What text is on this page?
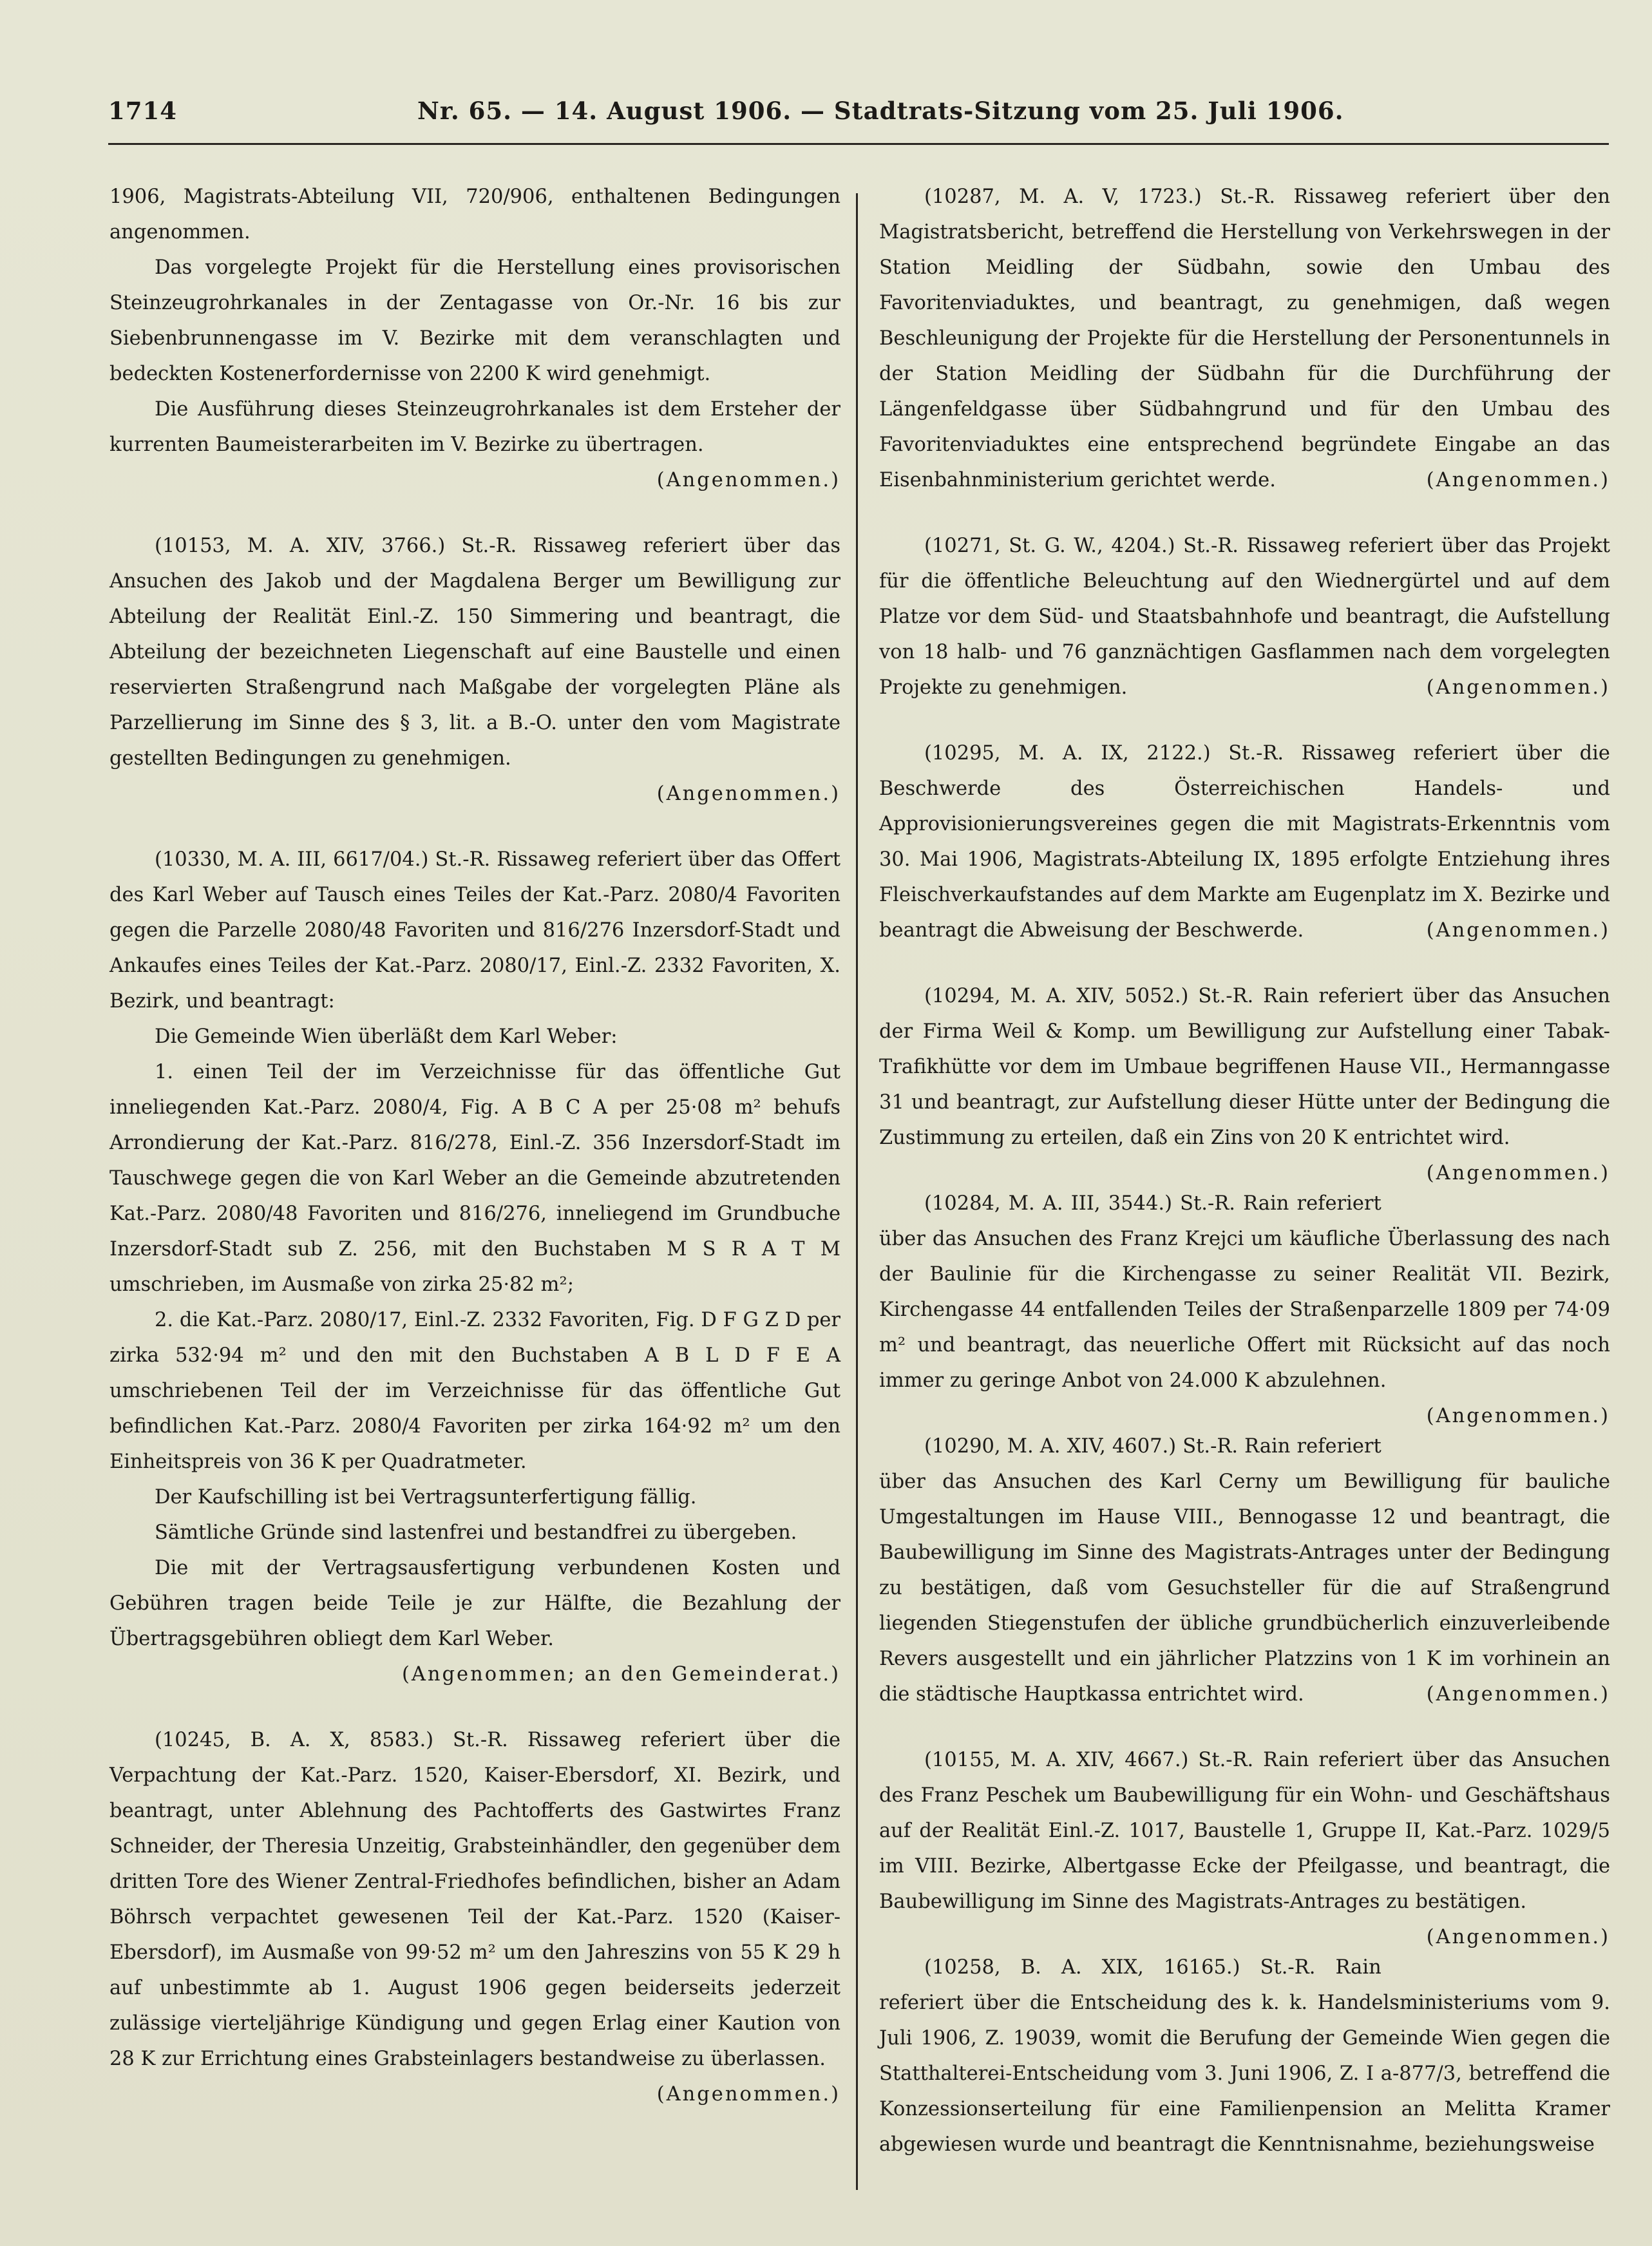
1714	Nr. 65. — 14. August 1906. — Stadtrats-Sitzung vom 25. Juli 1906.

1906, Magistrats-Abteilung VII, 720/906, enthaltenen Bedingungen angenommen.

Das vorgelegte Projekt für die Herstellung eines provisorischen Steinzeugrohrkanales in der Zentagasse von Or.-Nr. 16 bis zur Siebenbrunnengasse im V. Bezirke mit dem veranschlagten und bedeckten Kostenerfordernisse von 2200 K wird genehmigt.

Die Ausführung dieses Steinzeugrohrkanales ist dem Ersteher der kurrenten Baumeisterarbeiten im V. Bezirke zu übertragen.

(Angenommen.)

(10153, M. A. XIV, 3766.) St.-R. Rissaweg referiert über das Ansuchen des Jakob und der Magdalena Berger um Bewilligung zur Abteilung der Realität Einl.-Z. 150 Simmering und beantragt, die Abteilung der bezeichneten Liegenschaft auf eine Baustelle und einen reservierten Straßengrund nach Maßgabe der vorgelegten Pläne als Parzellierung im Sinne des § 3, lit. a B.-O. unter den vom Magistrate gestellten Bedingungen zu genehmigen.

(Angenommen.)

(10330, M. A. III, 6617/04.) St.-R. Rissaweg referiert über das Offert des Karl Weber auf Tausch eines Teiles der Kat.-Parz. 2080/4 Favoriten gegen die Parzelle 2080/48 Favoriten und 816/276 Inzersdorf-Stadt und Ankaufes eines Teiles der Kat.-Parz. 2080/17, Einl.-Z. 2332 Favoriten, X. Bezirk, und beantragt:

Die Gemeinde Wien überläßt dem Karl Weber:

1. einen Teil der im Verzeichnisse für das öffentliche Gut inneliegenden Kat.-Parz. 2080/4, Fig. A B C A per 25·08 m² behufs Arrondierung der Kat.-Parz. 816/278, Einl.-Z. 356 Inzersdorf-Stadt im Tauschwege gegen die von Karl Weber an die Gemeinde abzutretenden Kat.-Parz. 2080/48 Favoriten und 816/276, inneliegend im Grundbuche Inzersdorf-Stadt sub Z. 256, mit den Buchstaben M S R A T M umschrieben, im Ausmaße von zirka 25·82 m²;

2. die Kat.-Parz. 2080/17, Einl.-Z. 2332 Favoriten, Fig. D F G Z D per zirka 532·94 m² und den mit den Buchstaben A B L D F E A umschriebenen Teil der im Verzeichnisse für das öffentliche Gut befindlichen Kat.-Parz. 2080/4 Favoriten per zirka 164·92 m² um den Einheitspreis von 36 K per Quadratmeter.

Der Kaufschilling ist bei Vertragsunterfertigung fällig.

Sämtliche Gründe sind lastenfrei und bestandfrei zu übergeben.

Die mit der Vertragsausfertigung verbundenen Kosten und Gebühren tragen beide Teile je zur Hälfte, die Bezahlung der Übertragsgebühren obliegt dem Karl Weber.

(Angenommen; an den Gemeinderat.)

(10245, B. A. X, 8583.) St.-R. Rissaweg referiert über die Verpachtung der Kat.-Parz. 1520, Kaiser-Ebersdorf, XI. Bezirk, und beantragt, unter Ablehnung des Pachtofferts des Gastwirtes Franz Schneider, der Theresia Unzeitig, Grabsteinhändler, den gegenüber dem dritten Tore des Wiener Zentral-Friedhofes befindlichen, bisher an Adam Böhrsch verpachtet gewesenen Teil der Kat.-Parz. 1520 (Kaiser-Ebersdorf), im Ausmaße von 99·52 m² um den Jahreszins von 55 K 29 h auf unbestimmte ab 1. August 1906 gegen beiderseits jederzeit zulässige vierteljährige Kündigung und gegen Erlag einer Kaution von 28 K zur Errichtung eines Grabsteinlagers bestandweise zu überlassen.
(Angenommen.)

(10287, M. A. V, 1723.) St.-R. Rissaweg referiert über den Magistratsbericht, betreffend die Herstellung von Verkehrswegen in der Station Meidling der Südbahn, sowie den Umbau des Favoritenviaduktes, und beantragt, zu genehmigen, daß wegen Beschleunigung der Projekte für die Herstellung der Personentunnels in der Station Meidling der Südbahn für die Durchführung der Längenfeldgasse über Südbahngrund und für den Umbau des Favoritenviaduktes eine entsprechend begründete Eingabe an das Eisenbahnministerium gerichtet werde.	(Angenommen.)

(10271, St. G. W., 4204.) St.-R. Rissaweg referiert über das Projekt für die öffentliche Beleuchtung auf den Wiednergürtel und auf dem Platze vor dem Süd- und Staatsbahnhofe und beantragt, die Aufstellung von 18 halb- und 76 ganznächtigen Gasflammen nach dem vorgelegten Projekte zu genehmigen.	(Angenommen.)

(10295, M. A. IX, 2122.) St.-R. Rissaweg referiert über die Beschwerde des Österreichischen Handels- und Approvisionierungsvereines gegen die mit Magistrats-Erkenntnis vom 30. Mai 1906, Magistrats-Abteilung IX, 1895 erfolgte Entziehung ihres Fleischverkaufstandes auf dem Markte am Eugenplatz im X. Bezirke und beantragt die Abweisung der Beschwerde.	(Angenommen.)

(10294, M. A. XIV, 5052.) St.-R. Rain referiert über das Ansuchen der Firma Weil & Komp. um Bewilligung zur Aufstellung einer Tabak-Trafikhütte vor dem im Umbaue begriffenen Hause VII., Hermanngasse 31 und beantragt, zur Aufstellung dieser Hütte unter der Bedingung die Zustimmung zu erteilen, daß ein Zins von 20 K entrichtet wird.
(Angenommen.)

(10284, M. A. III, 3544.) St.-R. Rain referiert über das Ansuchen des Franz Krejci um käufliche Überlassung des nach der Baulinie für die Kirchengasse zu seiner Realität VII. Bezirk, Kirchengasse 44 entfallenden Teiles der Straßenparzelle 1809 per 74·09 m² und beantragt, das neuerliche Offert mit Rücksicht auf das noch immer zu geringe Anbot von 24.000 K abzulehnen.
(Angenommen.)

(10290, M. A. XIV, 4607.) St.-R. Rain referiert über das Ansuchen des Karl Cerny um Bewilligung für bauliche Umgestaltungen im Hause VIII., Bennogasse 12 und beantragt, die Baubewilligung im Sinne des Magistrats-Antrages unter der Bedingung zu bestätigen, daß vom Gesuchsteller für die auf Straßengrund liegenden Stiegenstufen der übliche grundbücherlich einzuverleibende Revers ausgestellt und ein jährlicher Platzzins von 1 K im vorhinein an die städtische Hauptkassa entrichtet wird.	(Angenommen.)

(10155, M. A. XIV, 4667.) St.-R. Rain referiert über das Ansuchen des Franz Peschek um Baubewilligung für ein Wohn- und Geschäftshaus auf der Realität Einl.-Z. 1017, Baustelle 1, Gruppe II, Kat.-Parz. 1029/5 im VIII. Bezirke, Albertgasse Ecke der Pfeilgasse, und beantragt, die Baubewilligung im Sinne des Magistrats-Antrages zu bestätigen.
(Angenommen.)

(10258, B. A. XIX, 16165.) St.-R. Rain referiert über die Entscheidung des k. k. Handelsministeriums vom 9. Juli 1906, Z. 19039, womit die Berufung der Gemeinde Wien gegen die Statthalterei-Entscheidung vom 3. Juni 1906, Z. I a-877/3, betreffend die Konzessionserteilung für eine Familienpension an Melitta Kramer abgewiesen wurde und beantragt die Kenntnisnahme, beziehungsweise
